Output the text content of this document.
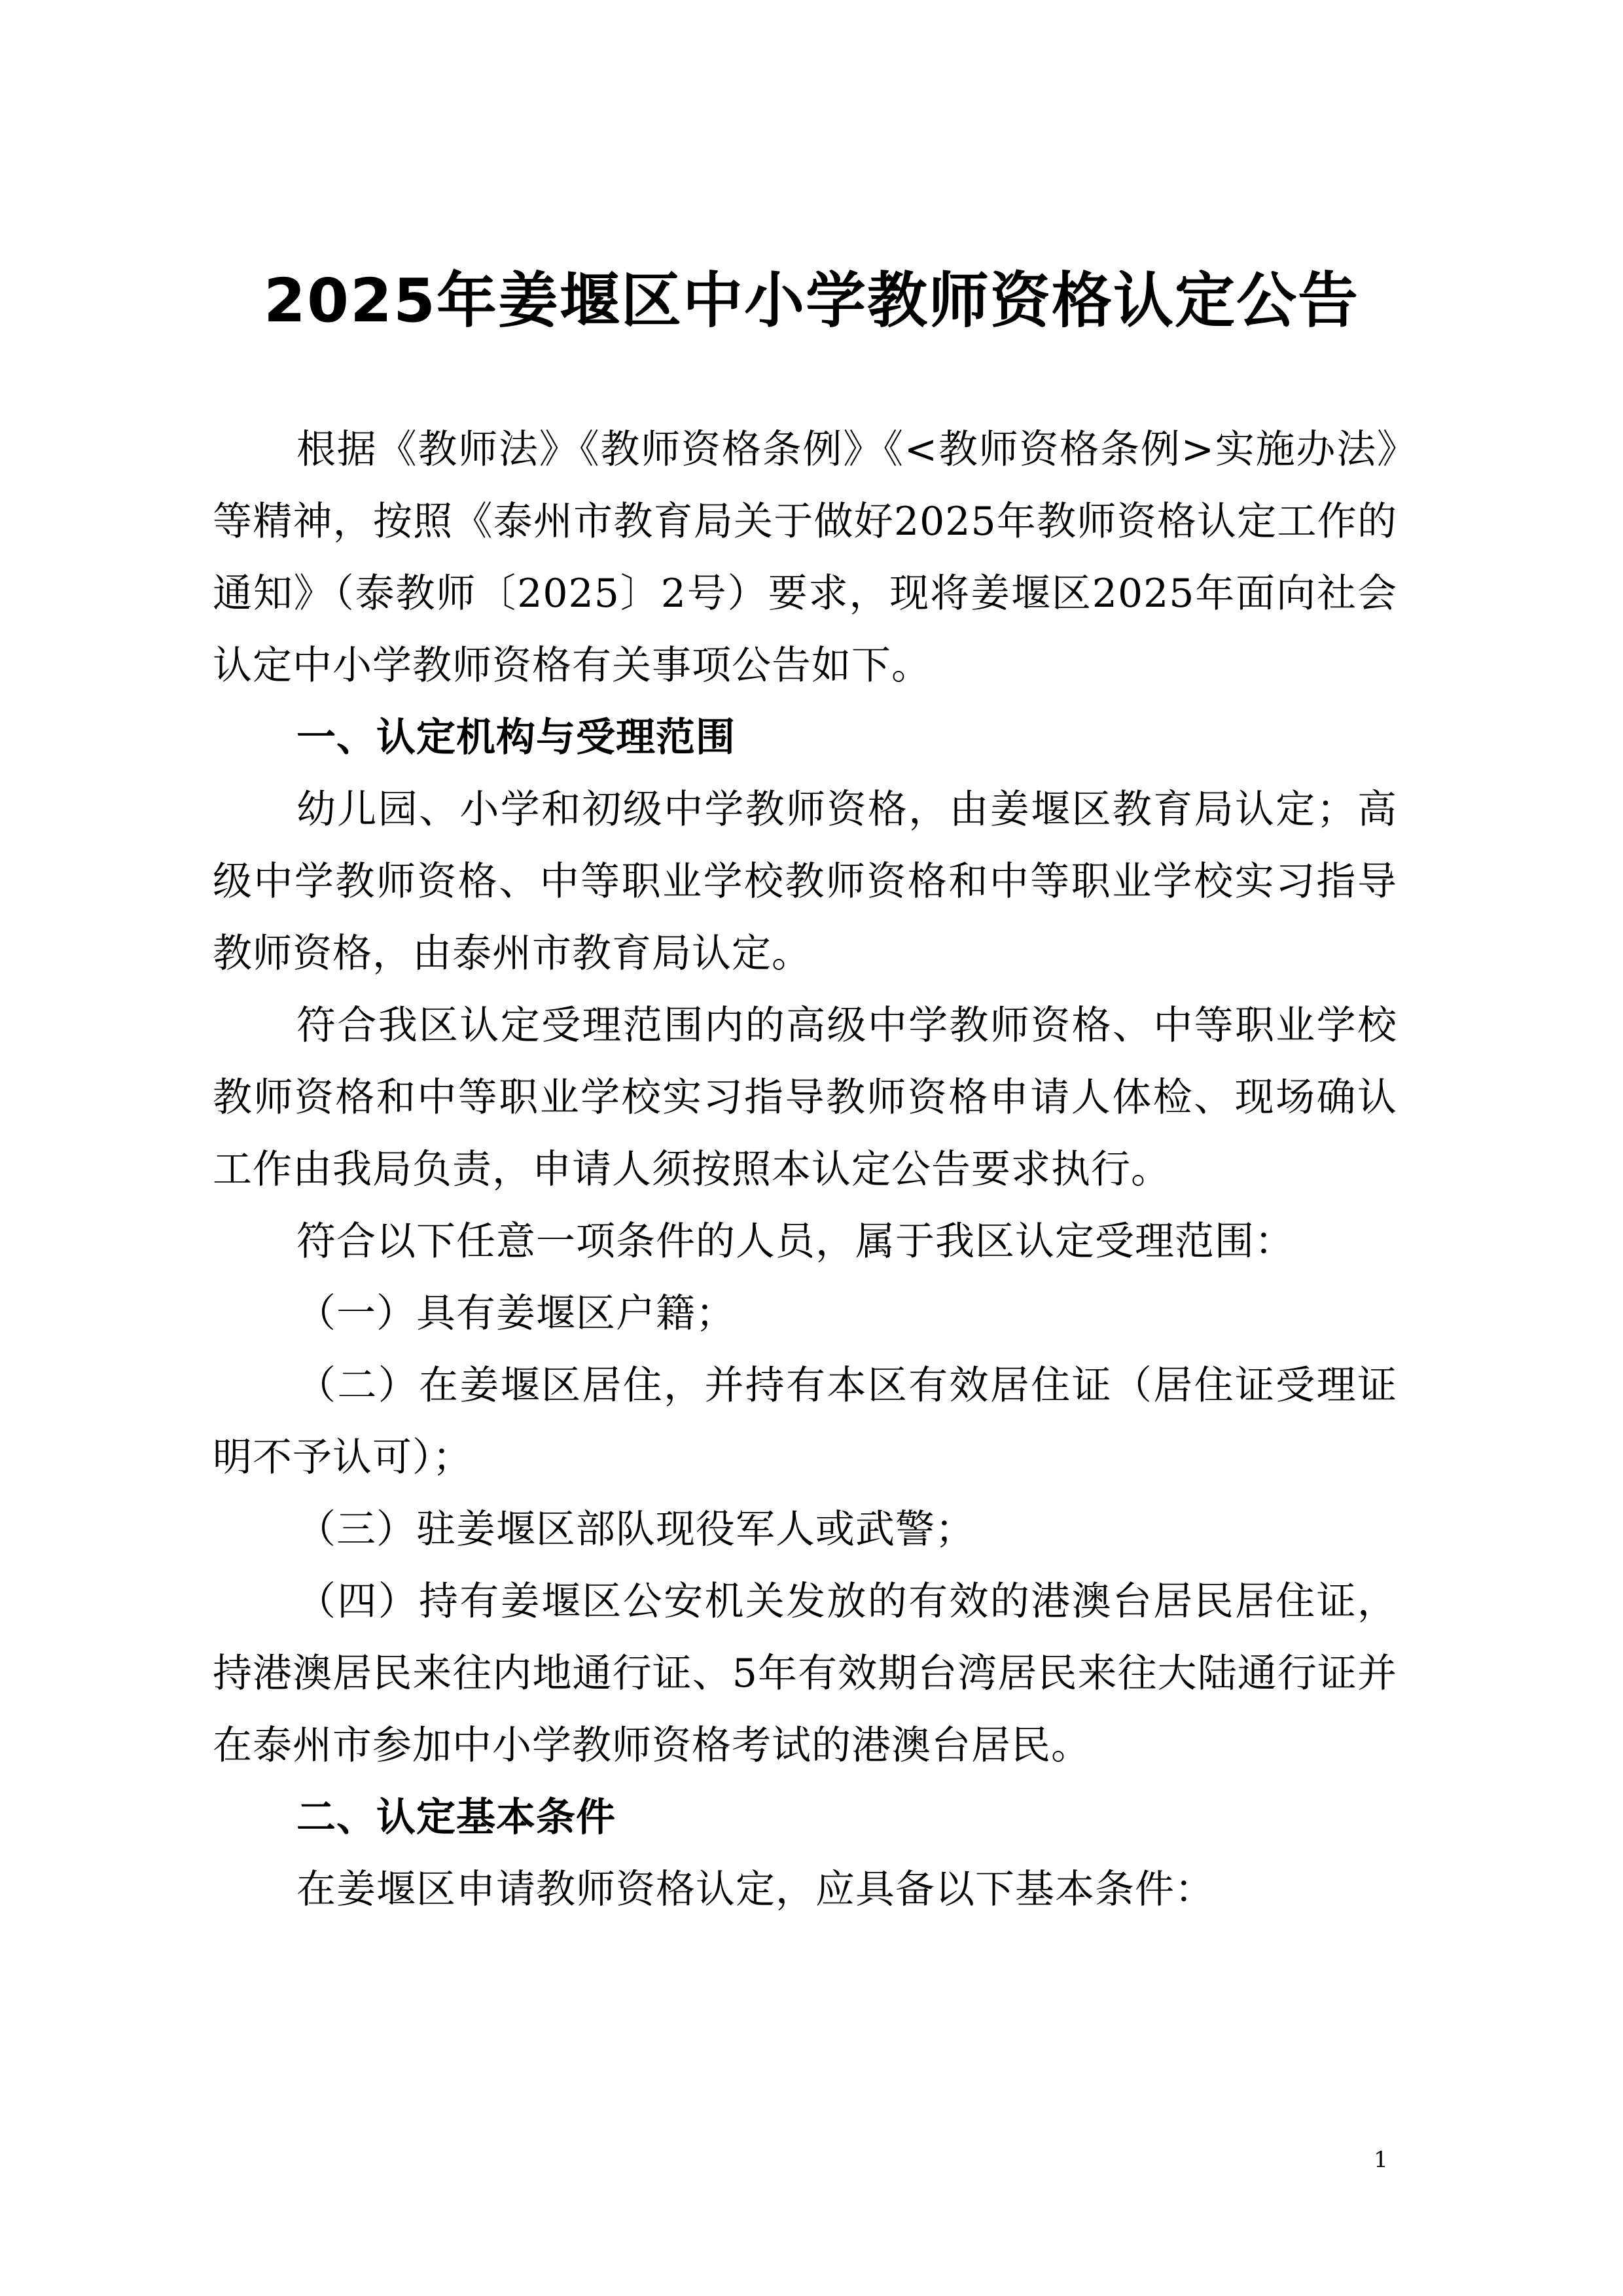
2025年姜堰区中小学教师资格认定公告

根据《教师法》《教师资格条例》《<教师资格条例>实施办法》等精神，按照《泰州市教育局关于做好2025年教师资格认定工作的通知》（泰教师〔2025〕2号）要求，现将姜堰区2025年面向社会认定中小学教师资格有关事项公告如下。

一、认定机构与受理范围

幼儿园、小学和初级中学教师资格，由姜堰区教育局认定；高级中学教师资格、中等职业学校教师资格和中等职业学校实习指导教师资格，由泰州市教育局认定。

符合我区认定受理范围内的高级中学教师资格、中等职业学校教师资格和中等职业学校实习指导教师资格申请人体检、现场确认工作由我局负责，申请人须按照本认定公告要求执行。

符合以下任意一项条件的人员，属于我区认定受理范围：

（一）具有姜堰区户籍；

（二）在姜堰区居住，并持有本区有效居住证（居住证受理证明不予认可）；

（三）驻姜堰区部队现役军人或武警；

（四）持有姜堰区公安机关发放的有效的港澳台居民居住证，持港澳居民来往内地通行证、5年有效期台湾居民来往大陆通行证并在泰州市参加中小学教师资格考试的港澳台居民。

二、认定基本条件

在姜堰区申请教师资格认定，应具备以下基本条件：

1
